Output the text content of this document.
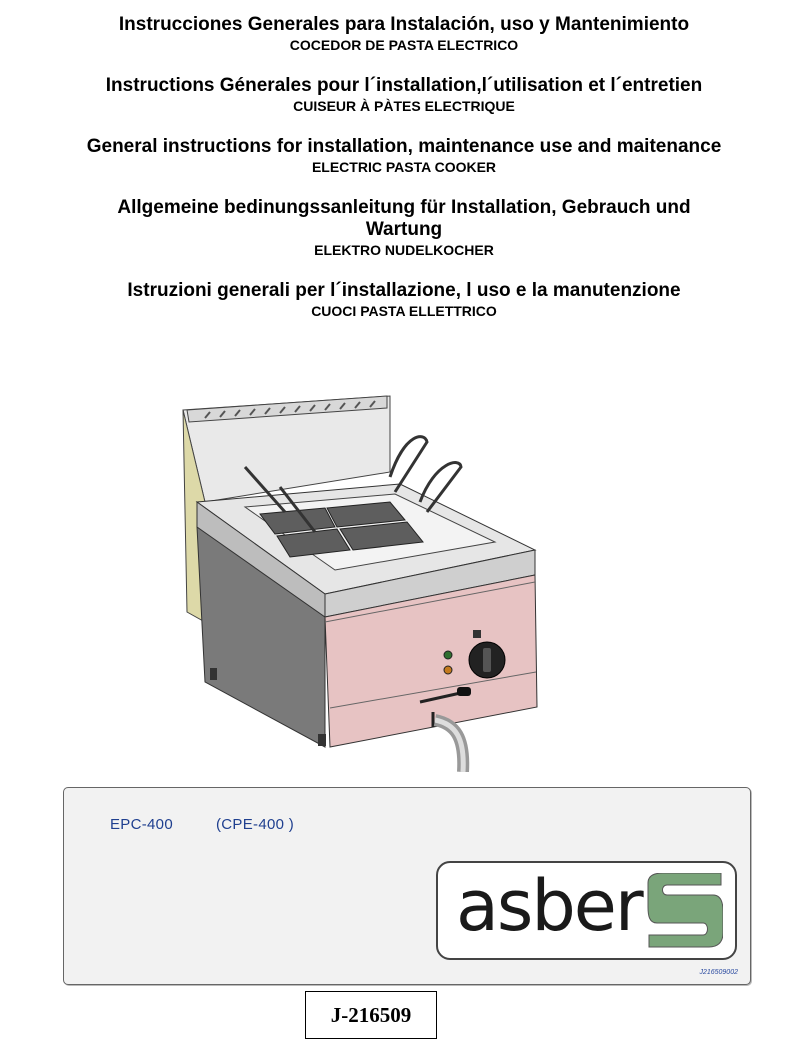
Instrucciones Generales para Instalación, uso y Mantenimiento
COCEDOR DE PASTA ELECTRICO
Instructions Génerales pour l´installation,l´utilisation et l´entretien
CUISEUR À PÀTES ELECTRIQUE
General instructions for installation, maintenance use and maitenance
ELECTRIC PASTA COOKER
Allgemeine bedinungssanleitung für Installation, Gebrauch und Wartung
ELEKTRO NUDELKOCHER
Istruzioni generali per l´installazione, l uso e la manutenzione
CUOCI PASTA ELLETTRICO
EPC-400	(CPE-400 )
asber
J216509002
J-216509
